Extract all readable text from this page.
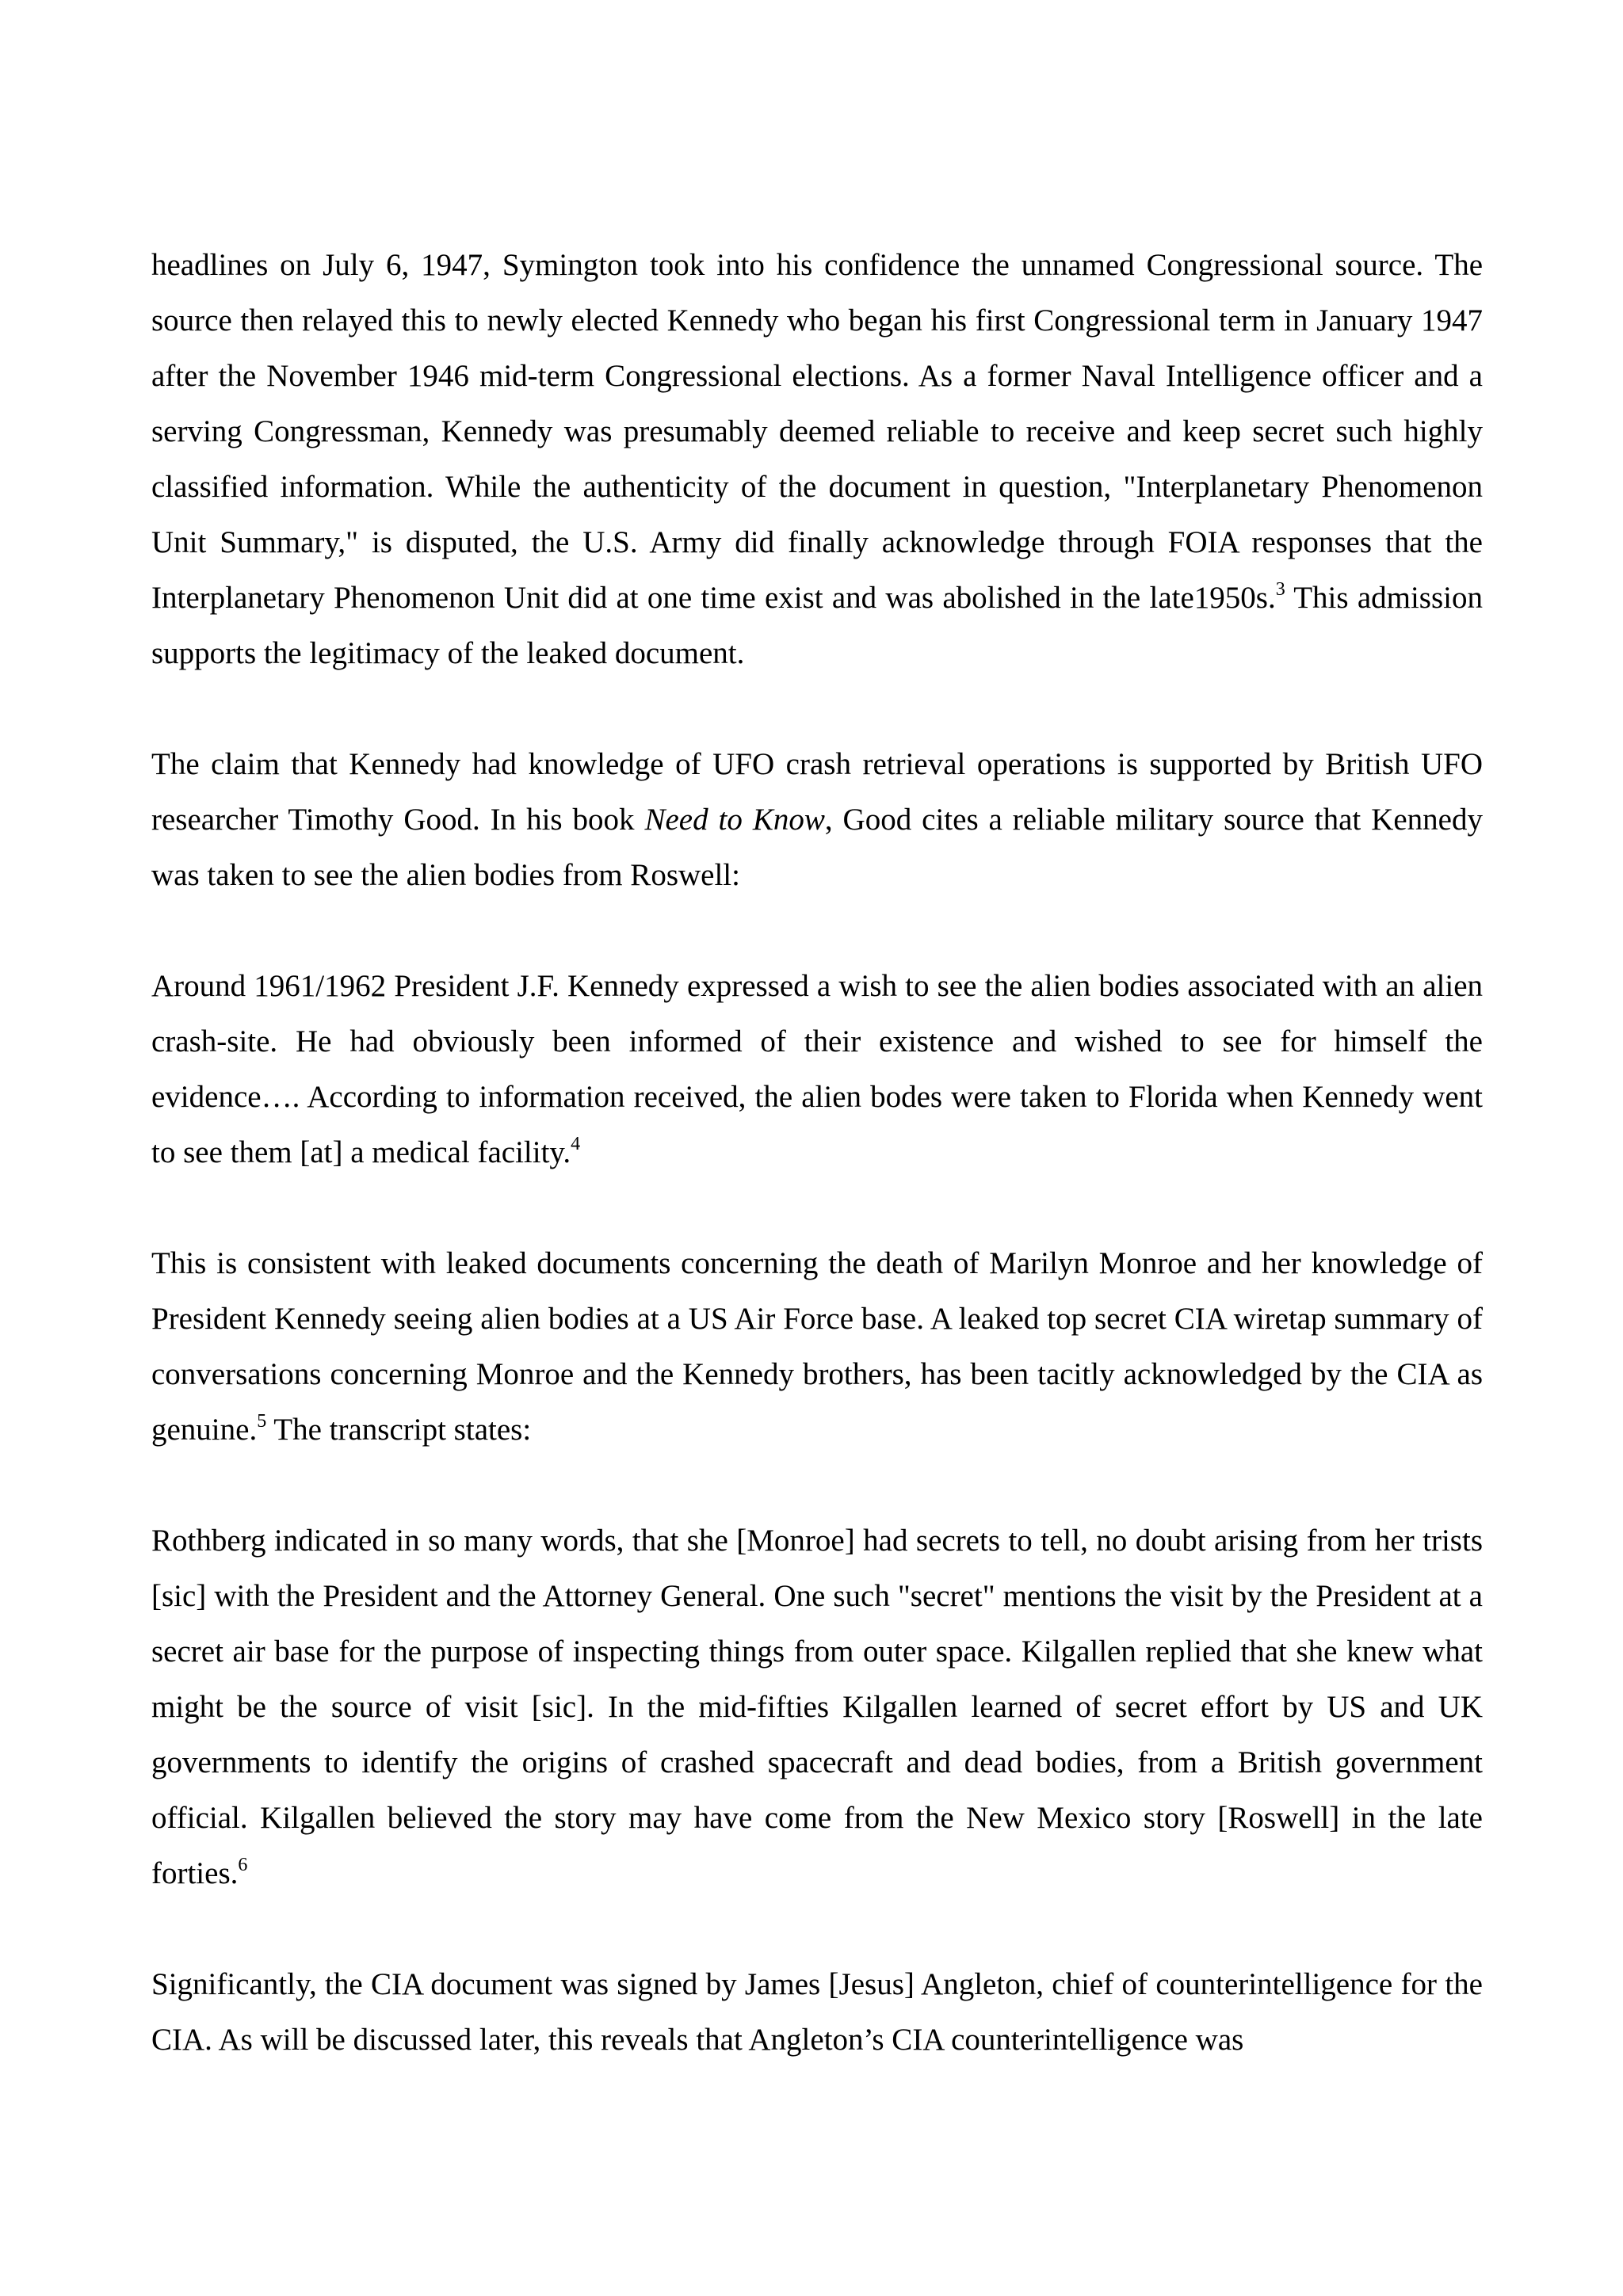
headlines on July 6, 1947, Symington took into his confidence the unnamed Congressional source. The source then relayed this to newly elected Kennedy who began his first Congressional term in January 1947 after the November 1946 mid-term Congressional elections. As a former Naval Intelligence officer and a serving Congressman, Kennedy was presumably deemed reliable to receive and keep secret such highly classified information. While the authenticity of the document in question, "Interplanetary Phenomenon Unit Summary," is disputed, the U.S. Army did finally acknowledge through FOIA responses that the Interplanetary Phenomenon Unit did at one time exist and was abolished in the late1950s.$^3$ This admission supports the legitimacy of the leaked document.

The claim that Kennedy had knowledge of UFO crash retrieval operations is supported by British UFO researcher Timothy Good. In his book Need to Know, Good cites a reliable military source that Kennedy was taken to see the alien bodies from Roswell:

Around 1961/1962 President J.F. Kennedy expressed a wish to see the alien bodies associated with an alien crash-site. He had obviously been informed of their existence and wished to see for himself the evidence…. According to information received, the alien bodes were taken to Florida when Kennedy went to see them [at] a medical facility.$^4$

This is consistent with leaked documents concerning the death of Marilyn Monroe and her knowledge of President Kennedy seeing alien bodies at a US Air Force base. A leaked top secret CIA wiretap summary of conversations concerning Monroe and the Kennedy brothers, has been tacitly acknowledged by the CIA as genuine.$^5$ The transcript states:

Rothberg indicated in so many words, that she [Monroe] had secrets to tell, no doubt arising from her trists [sic] with the President and the Attorney General. One such "secret" mentions the visit by the President at a secret air base for the purpose of inspecting things from outer space. Kilgallen replied that she knew what might be the source of visit [sic]. In the mid-fifties Kilgallen learned of secret effort by US and UK governments to identify the origins of crashed spacecraft and dead bodies, from a British government official. Kilgallen believed the story may have come from the New Mexico story [Roswell] in the late forties.$^6$

Significantly, the CIA document was signed by James [Jesus] Angleton, chief of counterintelligence for the CIA. As will be discussed later, this reveals that Angleton’s CIA counterintelligence was
